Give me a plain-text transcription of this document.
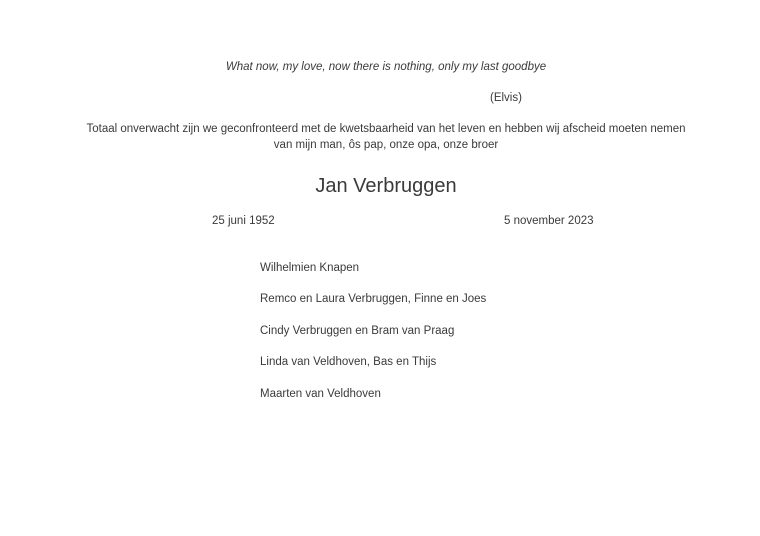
What now, my love, now there is nothing, only my last goodbye
(Elvis)
Totaal onverwacht zijn we geconfronteerd met de kwetsbaarheid van het leven en hebben wij afscheid moeten nemen
van mijn man, ôs pap, onze opa, onze broer
Jan Verbruggen
25 juni 1952	5 november 2023
Wilhelmien Knapen
Remco en Laura Verbruggen, Finne en Joes
Cindy Verbruggen en Bram van Praag
Linda van Veldhoven, Bas en Thijs
Maarten van Veldhoven
